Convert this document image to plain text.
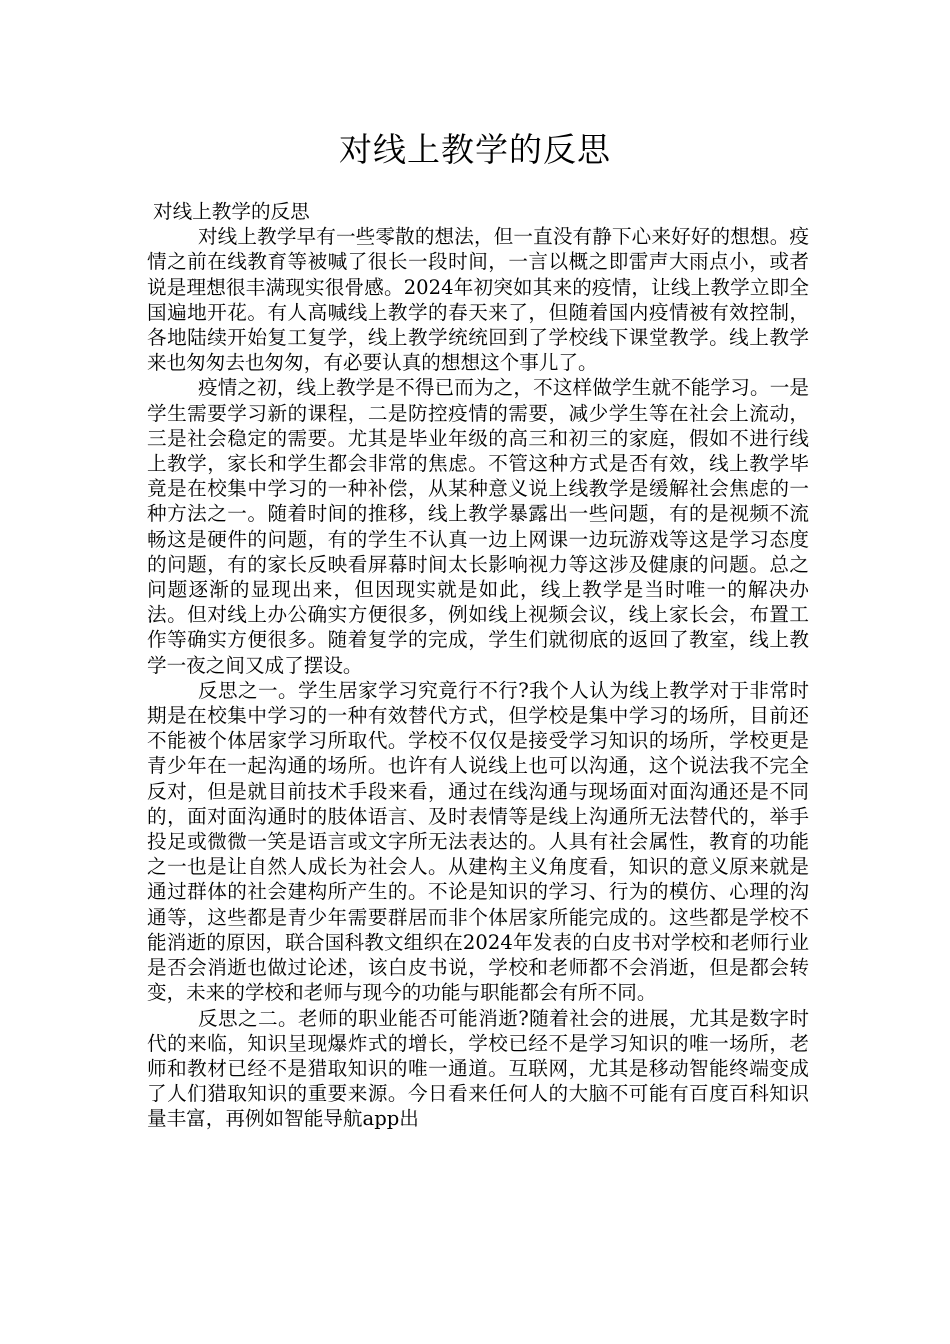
对线上教学的反思

对线上教学的反思

对线上教学早有一些零散的想法，但一直没有静下心来好好的想想。疫情之前在线教育等被喊了很长一段时间，一言以概之即雷声大雨点小，或者说是理想很丰满现实很骨感。2024年初突如其来的疫情，让线上教学立即全国遍地开花。有人高喊线上教学的春天来了，但随着国内疫情被有效控制，各地陆续开始复工复学，线上教学统统回到了学校线下课堂教学。线上教学来也匆匆去也匆匆，有必要认真的想想这个事儿了。

疫情之初，线上教学是不得已而为之，不这样做学生就不能学习。一是学生需要学习新的课程，二是防控疫情的需要，减少学生等在社会上流动，三是社会稳定的需要。尤其是毕业年级的高三和初三的家庭，假如不进行线上教学，家长和学生都会非常的焦虑。不管这种方式是否有效，线上教学毕竟是在校集中学习的一种补偿，从某种意义说上线教学是缓解社会焦虑的一种方法之一。随着时间的推移，线上教学暴露出一些问题，有的是视频不流畅这是硬件的问题，有的学生不认真一边上网课一边玩游戏等这是学习态度的问题，有的家长反映看屏幕时间太长影响视力等这涉及健康的问题。总之问题逐渐的显现出来，但因现实就是如此，线上教学是当时唯一的解决办法。但对线上办公确实方便很多，例如线上视频会议，线上家长会，布置工作等确实方便很多。随着复学的完成，学生们就彻底的返回了教室，线上教学一夜之间又成了摆设。

反思之一。学生居家学习究竟行不行?我个人认为线上教学对于非常时期是在校集中学习的一种有效替代方式，但学校是集中学习的场所，目前还不能被个体居家学习所取代。学校不仅仅是接受学习知识的场所，学校更是青少年在一起沟通的场所。也许有人说线上也可以沟通，这个说法我不完全反对，但是就目前技术手段来看，通过在线沟通与现场面对面沟通还是不同的，面对面沟通时的肢体语言、及时表情等是线上沟通所无法替代的，举手投足或微微一笑是语言或文字所无法表达的。人具有社会属性，教育的功能之一也是让自然人成长为社会人。从建构主义角度看，知识的意义原来就是通过群体的社会建构所产生的。不论是知识的学习、行为的模仿、心理的沟通等，这些都是青少年需要群居而非个体居家所能完成的。这些都是学校不能消逝的原因，联合国科教文组织在2024年发表的白皮书对学校和老师行业是否会消逝也做过论述，该白皮书说，学校和老师都不会消逝，但是都会转变，未来的学校和老师与现今的功能与职能都会有所不同。

反思之二。老师的职业能否可能消逝?随着社会的进展，尤其是数字时代的来临，知识呈现爆炸式的增长，学校已经不是学习知识的唯一场所，老师和教材已经不是猎取知识的唯一通道。互联网，尤其是移动智能终端变成了人们猎取知识的重要来源。今日看来任何人的大脑不可能有百度百科知识量丰富，再例如智能导航app出
